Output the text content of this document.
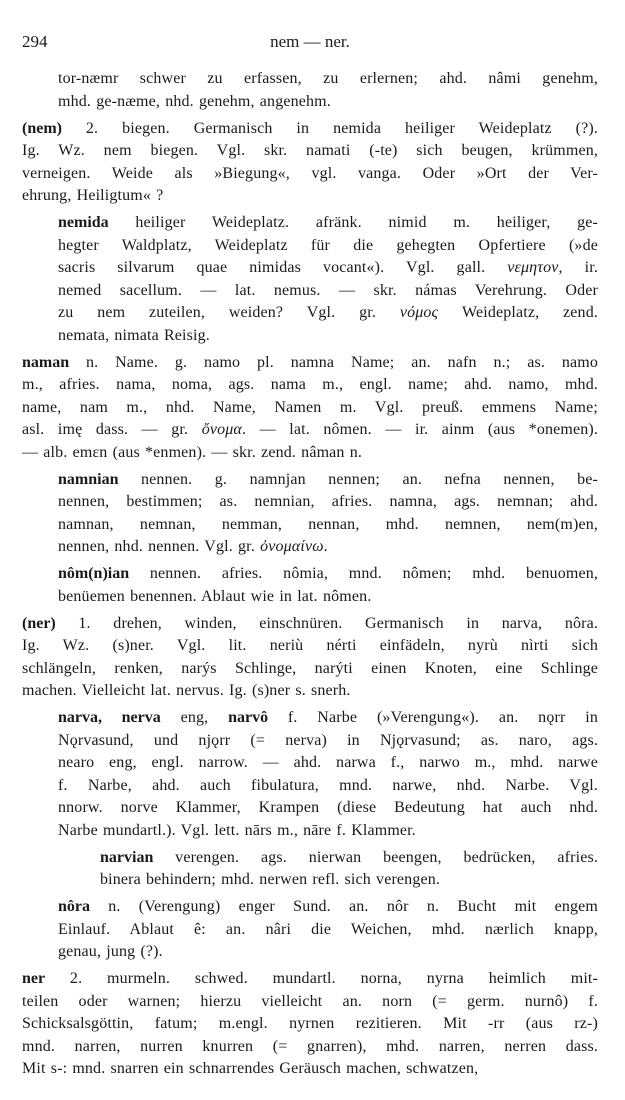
294	nem — ner.
tor-næmr schwer zu erfassen, zu erlernen; ahd. nâmi genehm,
mhd. ge-næme, nhd. genehm, angenehm.
(nem) 2. biegen. Germanisch in nemida heiliger Weideplatz (?).
Ig. Wz. nem biegen. Vgl. skr. namati (-te) sich beugen, krümmen,
verneigen. Weide als »Biegung«, vgl. vanga. Oder »Ort der Ver-
ehrung, Heiligtum« ?
nemida heiliger Weideplatz. afränk. nimid m. heiliger, ge-
hegter Waldplatz, Weideplatz für die gehegten Opfertiere (»de
sacris silvarum quae nimidas vocant«). Vgl. gall. νεμητον, ir.
nemed sacellum. — lat. nemus. — skr. námas Verehrung. Oder
zu nem zuteilen, weiden? Vgl. gr. νόμος Weideplatz, zend.
nemata, nimata Reisig.
naman n. Name. g. namo pl. namna Name; an. nafn n.; as. namo
m., afries. nama, noma, ags. nama m., engl. name; ahd. namo, mhd.
name, nam m., nhd. Name, Namen m. Vgl. preuß. emmens Name;
asl. imę dass. — gr. ὄνομα. — lat. nômen. — ir. ainm (aus *onemen).
— alb. emεn (aus *enmen). — skr. zend. nâman n.
namnian nennen. g. namnjan nennen; an. nefna nennen, be-
nennen, bestimmen; as. nemnian, afries. namna, ags. nemnan; ahd.
namnan, nemnan, nemman, nennan, mhd. nemnen, nem(m)en,
nennen, nhd. nennen. Vgl. gr. ὀνομαίνω.
nôm(n)ian nennen. afries. nômia, mnd. nômen; mhd. benuomen,
benüemen benennen. Ablaut wie in lat. nômen.
(ner) 1. drehen, winden, einschnüren. Germanisch in narva, nôra.
Ig. Wz. (s)ner. Vgl. lit. neriù nérti einfädeln, nyrù nìrti sich
schlängeln, renken, narýs Schlinge, narýti einen Knoten, eine Schlinge
machen. Vielleicht lat. nervus. Ig. (s)ner s. snerh.
narva, nerva eng, narvô f. Narbe (»Verengung«). an. nǫrr in
Nǫrvasund, und njǫrr (= nerva) in Njǫrvasund; as. naro, ags.
nearo eng, engl. narrow. — ahd. narwa f., narwo m., mhd. narwe
f. Narbe, ahd. auch fibulatura, mnd. narwe, nhd. Narbe. Vgl.
nnorw. norve Klammer, Krampen (diese Bedeutung hat auch nhd.
Narbe mundartl.). Vgl. lett. nārs m., nāre f. Klammer.
narvian verengen. ags. nierwan beengen, bedrücken, afries.
binera behindern; mhd. nerwen refl. sich verengen.
nôra n. (Verengung) enger Sund. an. nôr n. Bucht mit engem
Einlauf. Ablaut ê: an. nâri die Weichen, mhd. nærlich knapp,
genau, jung (?).
ner 2. murmeln. schwed. mundartl. norna, nyrna heimlich mit-
teilen oder warnen; hierzu vielleicht an. norn (= germ. nurnô) f.
Schicksalsgöttin, fatum; m.engl. nyrnen rezitieren. Mit -rr (aus rz-)
mnd. narren, nurren knurren (= gnarren), mhd. narren, nerren dass.
Mit s-: mnd. snarren ein schnarrendes Geräusch machen, schwatzen,
